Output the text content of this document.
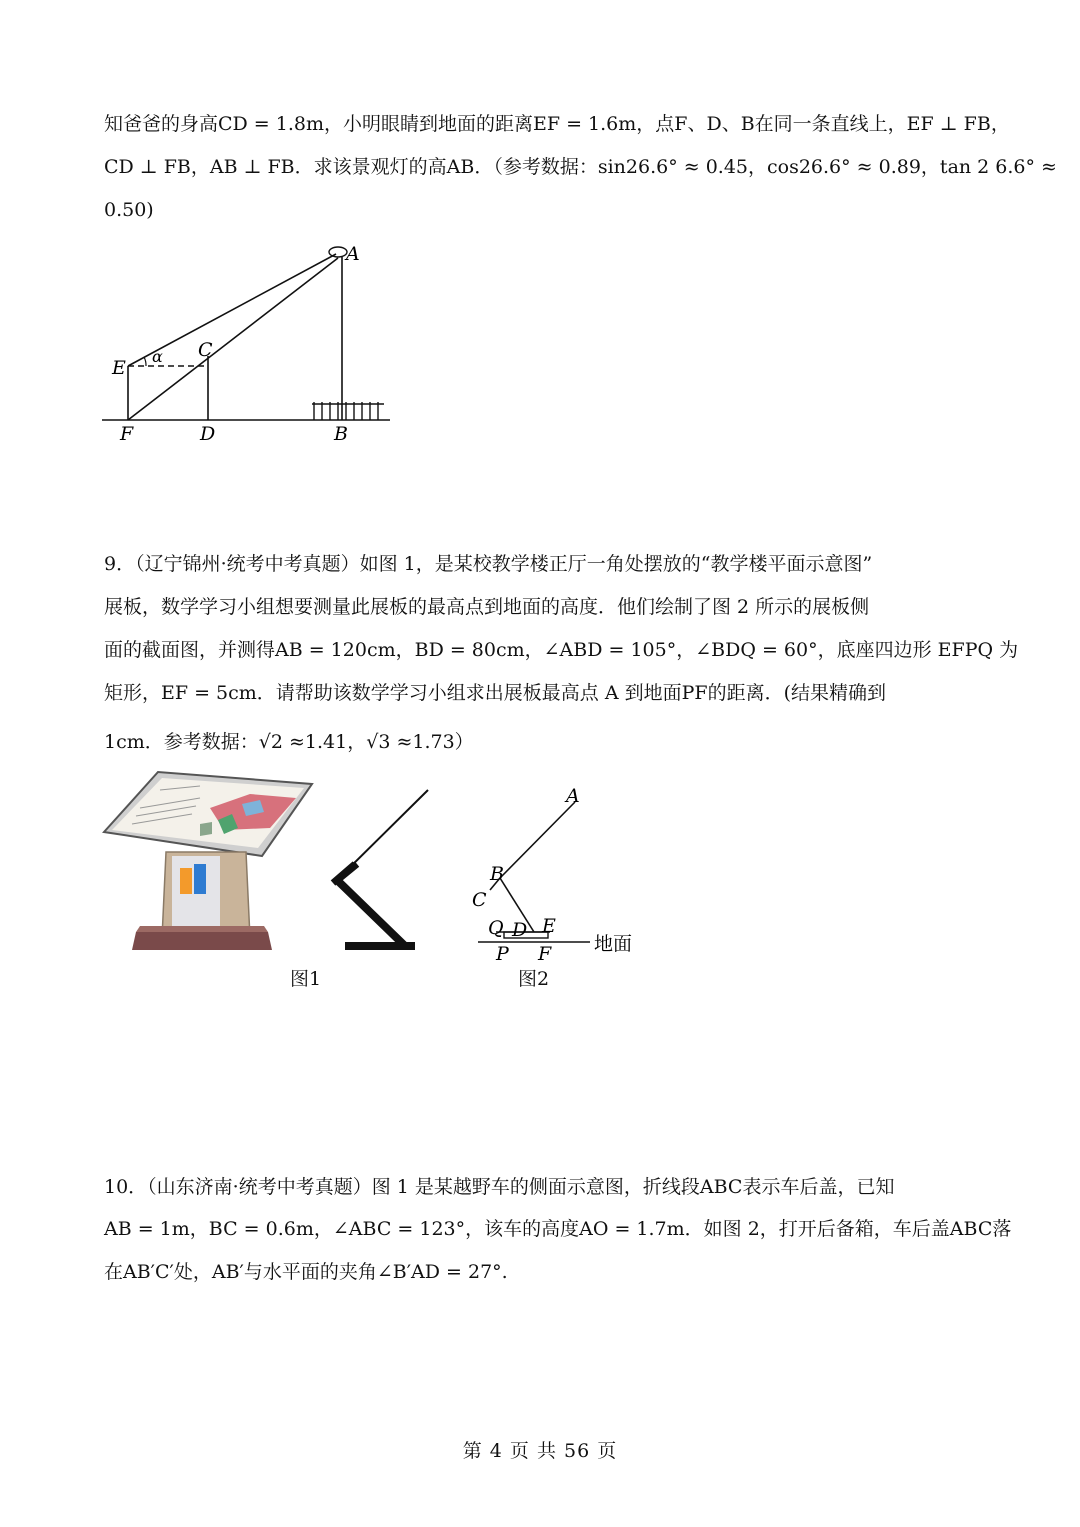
知爸爸的身高CD = 1.8m，小明眼睛到地面的距离EF = 1.6m，点F、D、B在同一条直线上，EF ⊥ FB，
CD ⊥ FB，AB ⊥ FB．求该景观灯的高AB．（参考数据：sin26.6° ≈ 0.45，cos26.6° ≈ 0.89，tan 2 6.6° ≈
0.50)
A
C
E
α
F	D	B
9．（辽宁锦州·统考中考真题）如图 1，是某校教学楼正厅一角处摆放的“教学楼平面示意图”
展板，数学学习小组想要测量此展板的最高点到地面的高度．他们绘制了图 2 所示的展板侧
面的截面图，并测得AB = 120cm，BD = 80cm，∠ABD = 105°，∠BDQ = 60°，底座四边形 EFPQ 为
矩形，EF = 5cm．请帮助该数学学习小组求出展板最高点 A 到地面PF的距离．(结果精确到
1cm．参考数据：√2 ≈1.41，√3 ≈1.73）
A
B
C
Q D E
P F 地面
图1	图2
10．（山东济南·统考中考真题）图 1 是某越野车的侧面示意图，折线段ABC表示车后盖，已知
AB = 1m，BC = 0.6m，∠ABC = 123°，该车的高度AO = 1.7m．如图 2，打开后备箱，车后盖ABC落
在AB′C′处，AB′与水平面的夹角∠B′AD = 27°.
第 4 页 共 56 页
